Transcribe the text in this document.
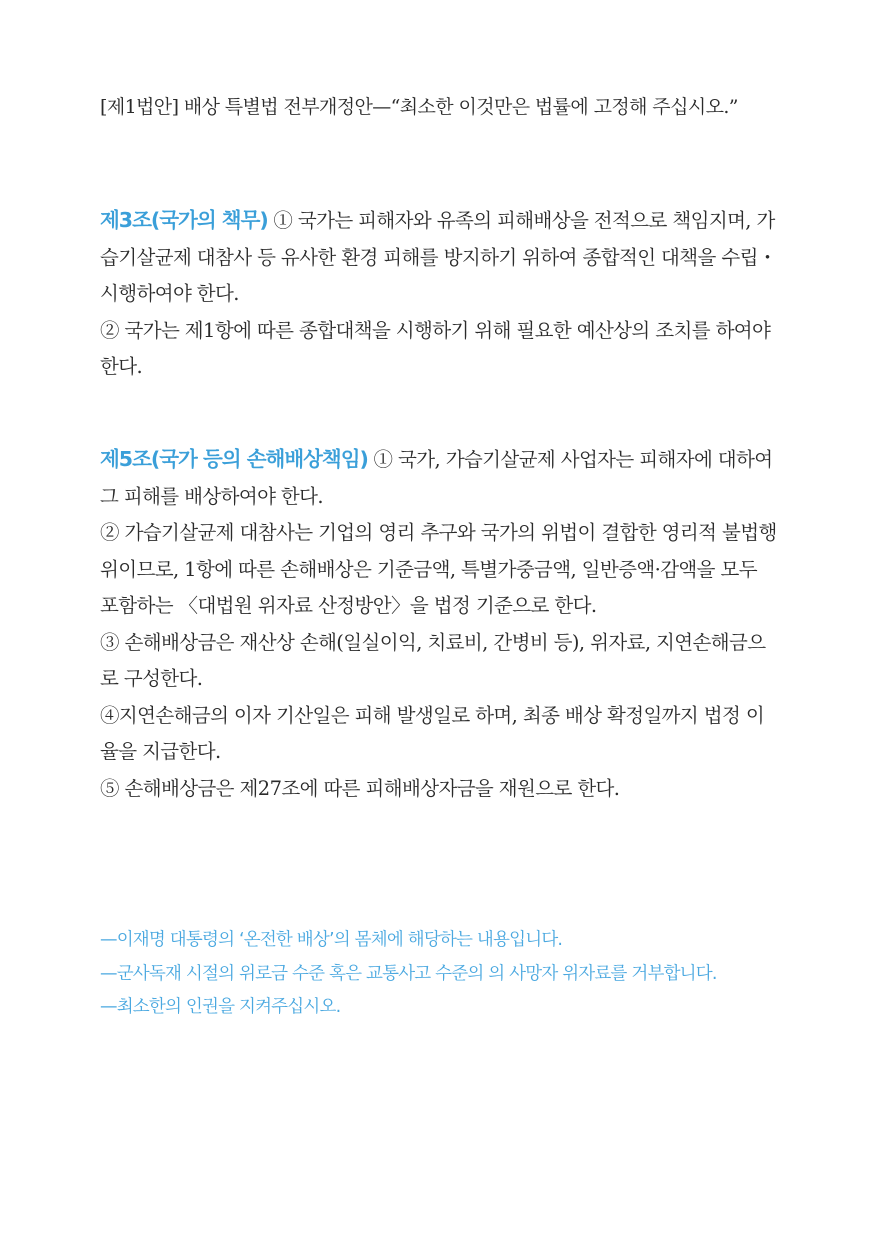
[제1법안] 배상 특별법 전부개정안—“최소한 이것만은 법률에 고정해 주십시오.”

제3조(국가의 책무) ① 국가는 피해자와 유족의 피해배상을 전적으로 책임지며, 가습기살균제 대참사 등 유사한 환경 피해를 방지하기 위하여 종합적인 대책을 수립・시행하여야 한다.

② 국가는 제1항에 따른 종합대책을 시행하기 위해 필요한 예산상의 조치를 하여야 한다.

제5조(국가 등의 손해배상책임) ① 국가, 가습기살균제 사업자는 피해자에 대하여 그 피해를 배상하여야 한다.

② 가습기살균제 대참사는 기업의 영리 추구와 국가의 위법이 결합한 영리적 불법행위이므로, 1항에 따른 손해배상은 기준금액, 특별가중금액, 일반증액·감액을 모두 포함하는 〈대법원 위자료 산정방안〉을 법정 기준으로 한다.

③ 손해배상금은 재산상 손해(일실이익, 치료비, 간병비 등), 위자료, 지연손해금으로 구성한다.

④지연손해금의 이자 기산일은 피해 발생일로 하며, 최종 배상 확정일까지 법정 이율을 지급한다.

⑤ 손해배상금은 제27조에 따른 피해배상자금을 재원으로 한다.

—이재명 대통령의 ‘온전한 배상’의 몸체에 해당하는 내용입니다.

—군사독재 시절의 위로금 수준 혹은 교통사고 수준의 의 사망자 위자료를 거부합니다.

—최소한의 인권을 지켜주십시오.
